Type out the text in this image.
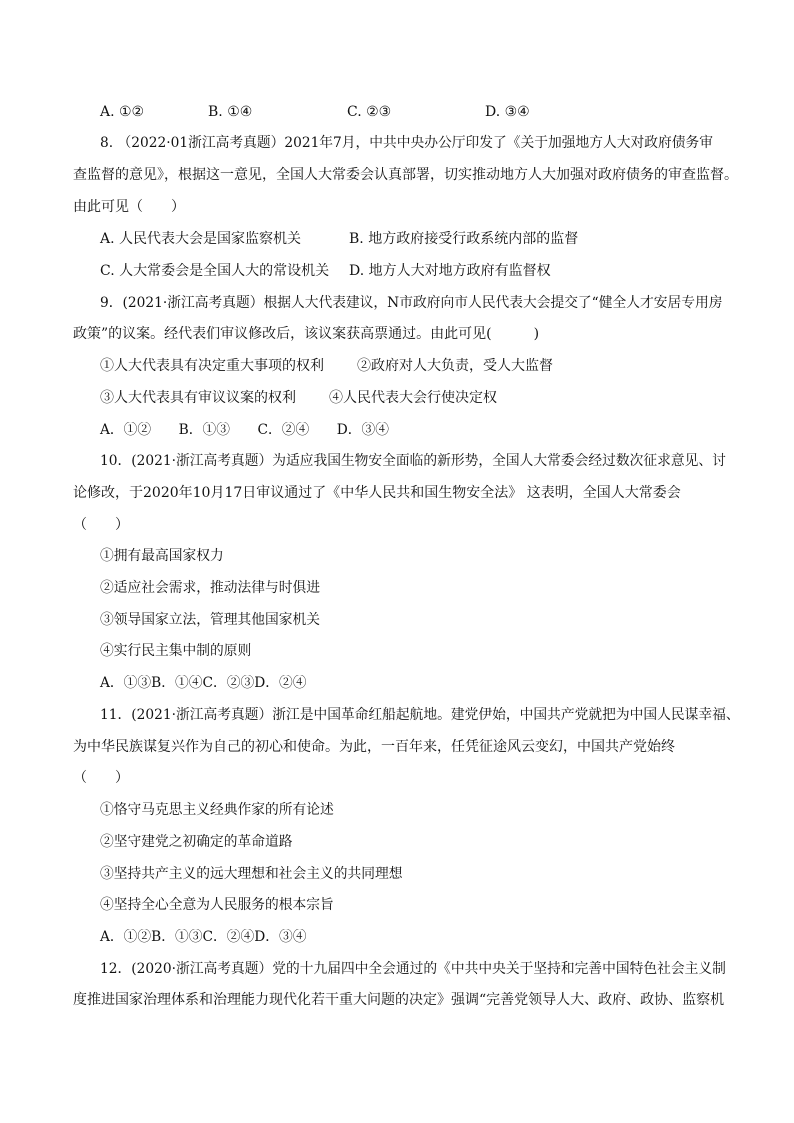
A. ①②	B. ①④	C. ②③	D. ③④
8. （2022·01浙江高考真题）2021年7月，中共中央办公厅印发了《关于加强地方人大对政府债务审
查监督的意见》，根据这一意见，全国人大常委会认真部署，切实推动地方人大加强对政府债务的审查监督。
由此可见（　　）
A. 人民代表大会是国家监察机关	B. 地方政府接受行政系统内部的监督
C. 人大常委会是全国人大的常设机关 D. 地方人大对地方政府有监督权
9．(2021·浙江高考真题）根据人大代表建议，N市政府向市人民代表大会提交了“健全人才安居专用房
政策”的议案。经代表们审议修改后，该议案获高票通过。由此可见(　　　)
①人大代表具有决定重大事项的权利 ②政府对人大负责，受人大监督
③人大代表具有审议议案的权利 ④人民代表大会行使决定权
A．①②　　B．①③　　C．②④　　D．③④
10．(2021·浙江高考真题）为适应我国生物安全面临的新形势，全国人大常委会经过数次征求意见、讨
论修改，于2020年10月17日审议通过了《中华人民共和国生物安全法》 这表明，全国人大常委会
（　　）
①拥有最高国家权力
②适应社会需求，推动法律与时俱进
③领导国家立法，管理其他国家机关
④实行民主集中制的原则
A．①③B．①④C．②③D．②④
11．(2021·浙江高考真题）浙江是中国革命红船起航地。建党伊始，中国共产党就把为中国人民谋幸福、
为中华民族谋复兴作为自己的初心和使命。为此，一百年来，任凭征途风云变幻，中国共产党始终
（　　）
①恪守马克思主义经典作家的所有论述
②坚守建党之初确定的革命道路
③坚持共产主义的远大理想和社会主义的共同理想
④坚持全心全意为人民服务的根本宗旨
A．①②B．①③C．②④D．③④
12．(2020·浙江高考真题）党的十九届四中全会通过的《中共中央关于坚持和完善中国特色社会主义制
度推进国家治理体系和治理能力现代化若干重大问题的决定》强调“完善党领导人大、政府、政协、监察机
